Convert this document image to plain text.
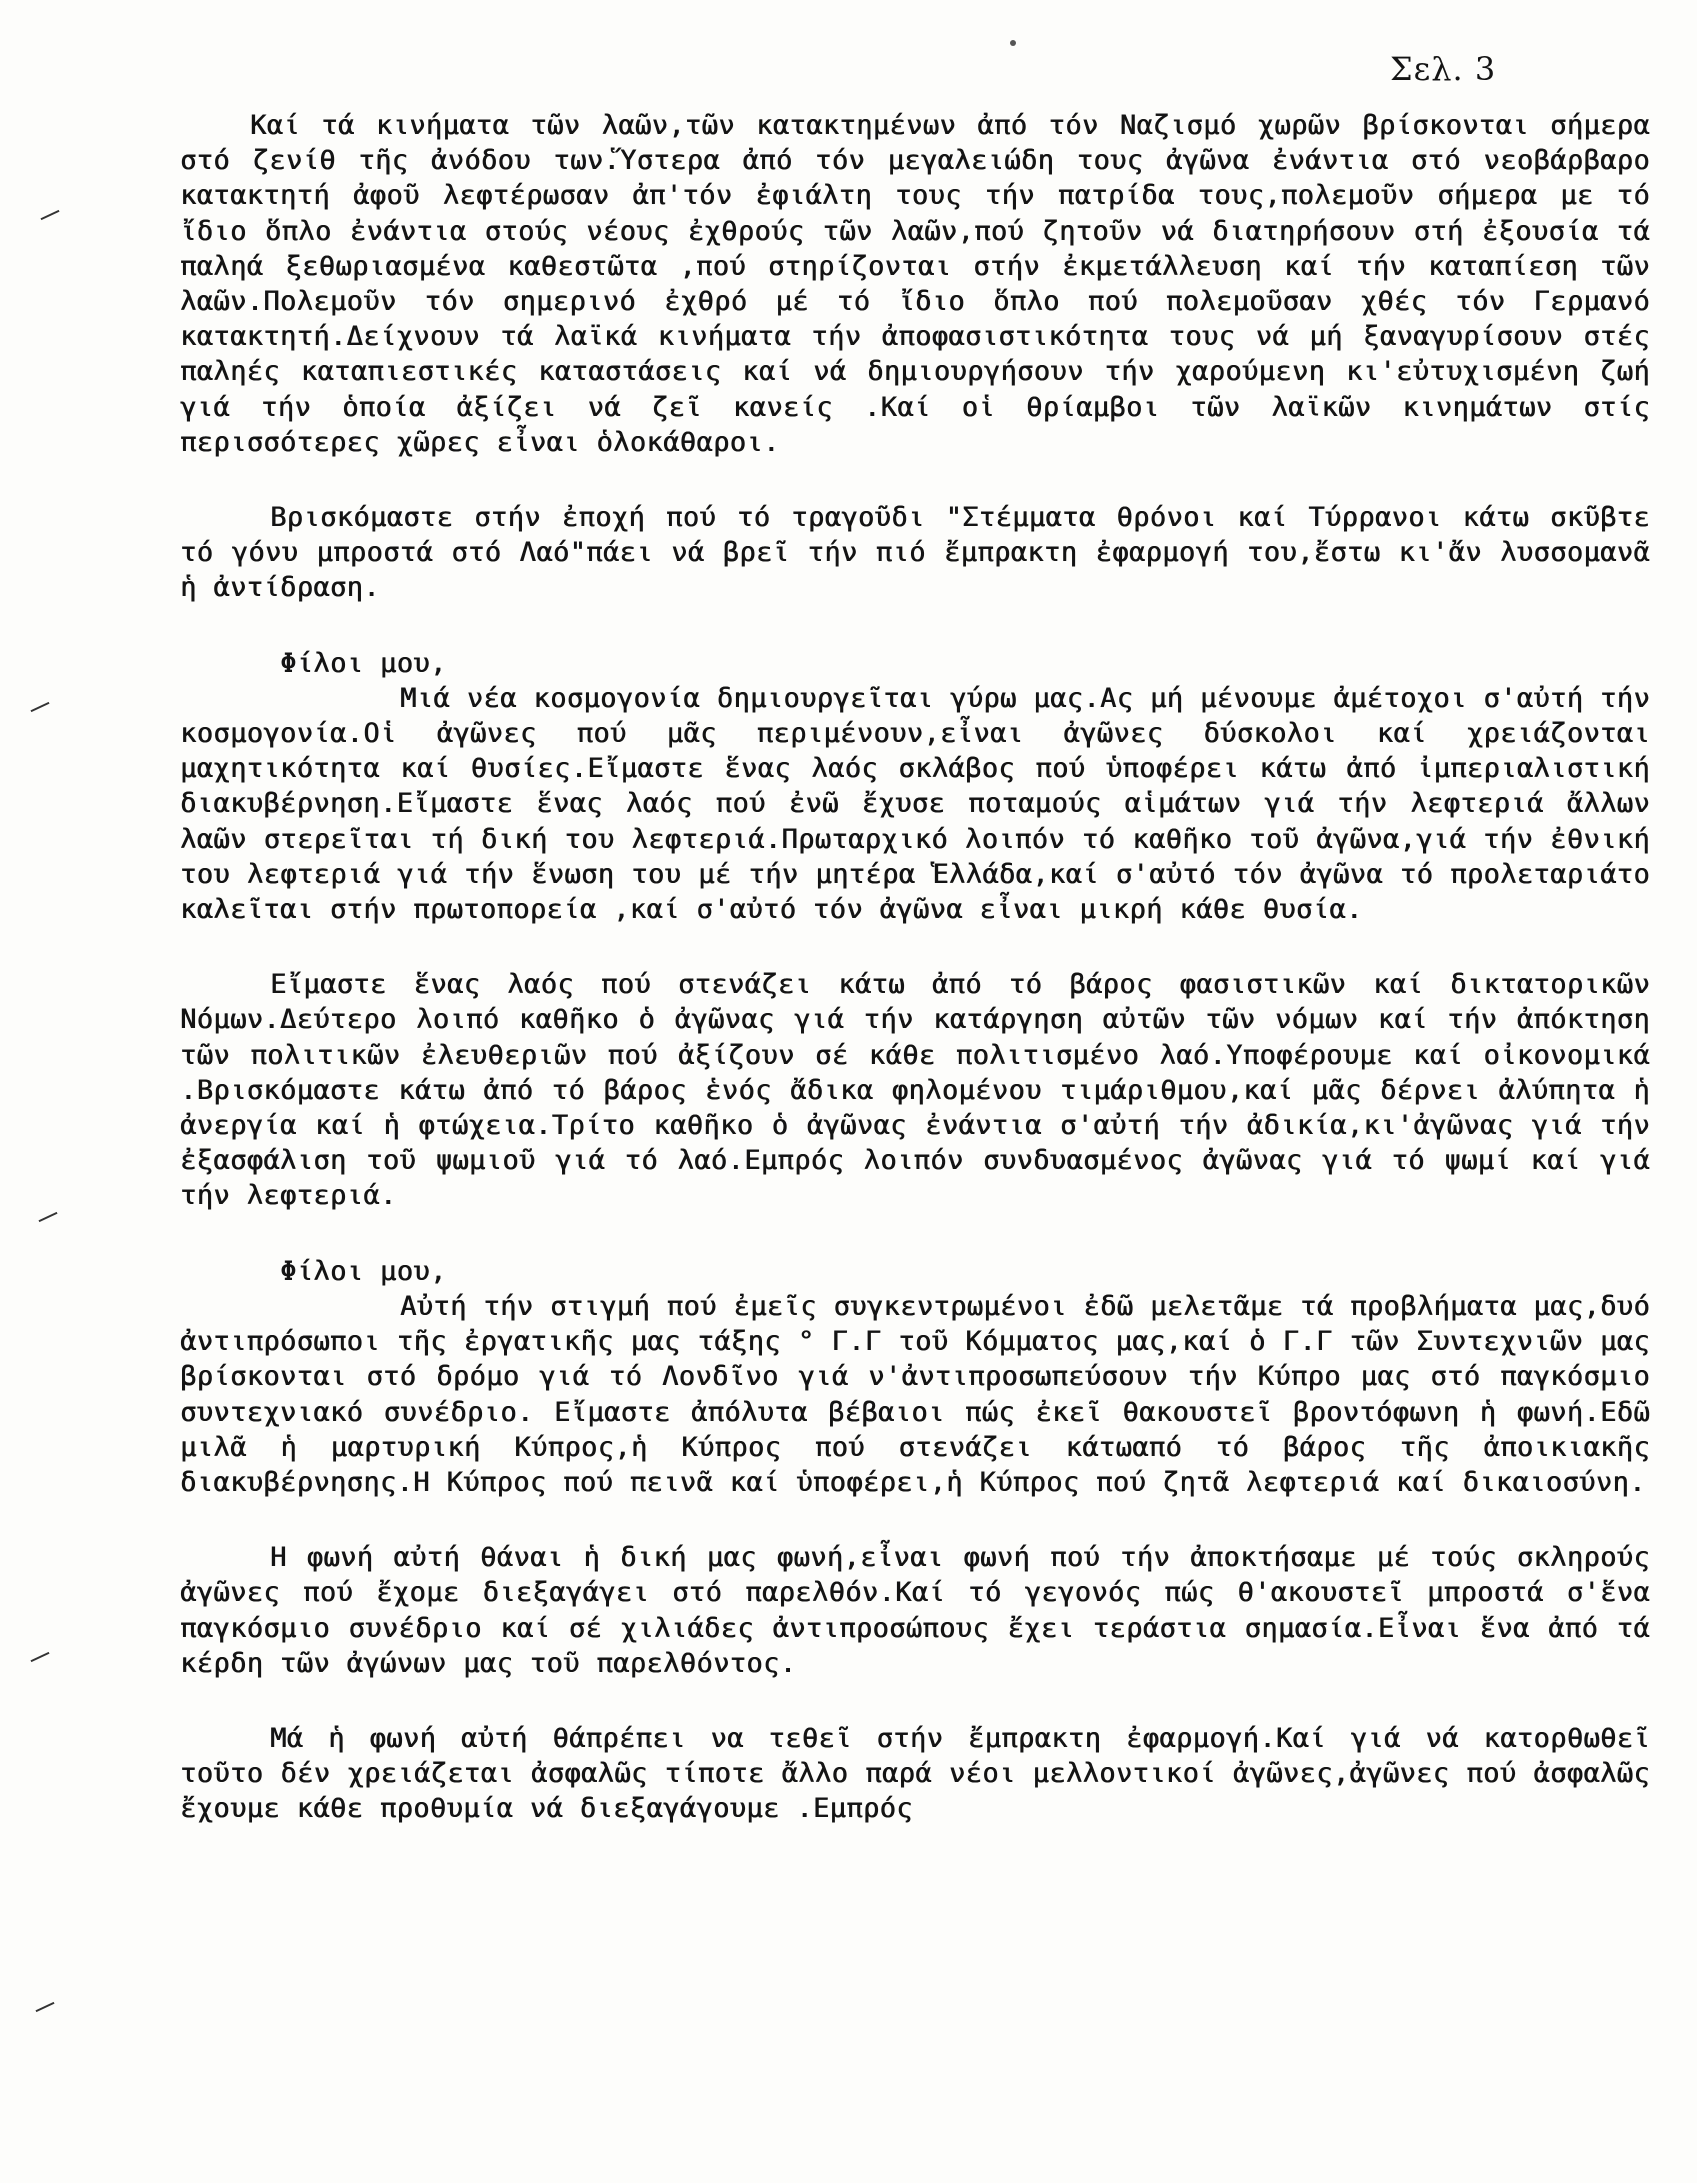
Σελ. 3

Καί τά κινήματα τῶν λαῶν,τῶν κατακτημένων ἀπό τόν Ναζισμό χωρῶν βρίσκονται σήμερα στό ζενίθ τῆς ἀνόδου των.Ὕστερα ἀπό τόν μεγαλειώδη τους ἀγῶνα ἐνάντια στό νεοβάρβαρο κατακτητή ἀφοῦ λεφτέρωσαν ἀπ'τόν ἐφιάλτη τους τήν πατρίδα τους,πολεμοῦν σήμερα με τό ἴδιο ὅπλο ἐνάντια στούς νέους ἐχθρούς τῶν λαῶν,πού ζητοῦν νά διατηρήσουν στή ἐξουσία τά παληά ξεθωριασμένα καθεστῶτα ,πού στηρίζονται στήν ἐκμετάλλευση καί τήν καταπίεση τῶν λαῶν.Πολεμοῦν τόν σημερινό ἐχθρό μέ τό ἴδιο ὅπλο πού πολεμοῦσαν χθές τόν Γερμανό κατακτητή.Δείχνουν τά λαϊκά κινήματα τήν ἀποφασιστικότητα τους νά μή ξαναγυρίσουν στές παληές καταπιεστικές καταστάσεις καί νά δημιουργήσουν τήν χαρούμενη κι'εὐτυχισμένη ζωή γιά τήν ὁποία ἀξίζει νά ζεῖ κανείς .Καί οἱ θρίαμβοι τῶν λαϊκῶν κινημάτων στίς περισσότερες χῶρες εἶναι ὁλοκάθαροι.

Βρισκόμαστε στήν ἐποχή πού τό τραγοῦδι "Στέμματα θρόνοι καί Τύρρανοι κάτω σκῦβτε τό γόνυ μπροστά στό Λαό"πάει νά βρεῖ τήν πιό ἔμπρακτη ἐφαρμογή του,ἔστω κι'ἄν λυσσομανᾶ ἡ ἀντίδραση.

Φίλοι μου,

Μιά νέα κοσμογονία δημιουργεῖται γύρω μας.Ας μή μένουμε ἀμέτοχοι σ'αὐτή τήν κοσμογονία.Οἱ ἀγῶνες πού μᾶς περιμένουν,εἶναι ἀγῶνες δύσκολοι καί χρειάζονται μαχητικότητα καί θυσίες.Εἴμαστε ἕνας λαός σκλάβος πού ὑποφέρει κάτω ἀπό ἰμπεριαλιστική διακυβέρνηση.Εἴμαστε ἕνας λαός πού ἐνῶ ἔχυσε ποταμούς αἱμάτων γιά τήν λεφτεριά ἄλλων λαῶν στερεῖται τή δική του λεφτεριά.Πρωταρχικό λοιπόν τό καθῆκο τοῦ ἀγῶνα,γιά τήν ἐθνική του λεφτεριά γιά τήν ἕνωση του μέ τήν μητέρα Ἑλλάδα,καί σ'αὐτό τόν ἀγῶνα τό προλεταριάτο καλεῖται στήν πρωτοπορεία ,καί σ'αὐτό τόν ἀγῶνα εἶναι μικρή κάθε θυσία.

Εἴμαστε ἕνας λαός πού στενάζει κάτω ἀπό τό βάρος φασιστικῶν καί δικτατορικῶν Νόμων.Δεύτερο λοιπό καθῆκο ὁ ἀγῶνας γιά τήν κατάργηση αὐτῶν τῶν νόμων καί τήν ἀπόκτηση τῶν πολιτικῶν ἐλευθεριῶν πού ἀξίζουν σέ κάθε πολιτισμένο λαό.Υποφέρουμε καί οἰκονομικά .Βρισκόμαστε κάτω ἀπό τό βάρος ἑνός ἄδικα φηλομένου τιμάριθμου,καί μᾶς δέρνει ἀλύπητα ἡ ἀνεργία καί ἡ φτώχεια.Τρίτο καθῆκο ὁ ἀγῶνας ἐνάντια σ'αὐτή τήν ἀδικία,κι'ἀγῶνας γιά τήν ἐξασφάλιση τοῦ ψωμιοῦ γιά τό λαό.Εμπρός λοιπόν συνδυασμένος ἀγῶνας γιά τό ψωμί καί γιά τήν λεφτεριά.

Φίλοι μου,

Αὐτή τήν στιγμή πού ἐμεῖς συγκεντρωμένοι ἐδῶ μελετᾶμε τά προβλήματα μας,δυό ἀντιπρόσωποι τῆς ἐργατικῆς μας τάξης ° Γ.Γ τοῦ Κόμματος μας,καί ὁ Γ.Γ τῶν Συντεχνιῶν μας βρίσκονται στό δρόμο γιά τό Λονδῖνο γιά ν'ἀντιπροσωπεύσουν τήν Κύπρο μας στό παγκόσμιο συντεχνιακό συνέδριο. Εἴμαστε ἀπόλυτα βέβαιοι πώς ἐκεῖ θακουστεῖ βροντόφωνη ἡ φωνή.Εδῶ μιλᾶ ἡ μαρτυρική Κύπρος,ἡ Κύπρος πού στενάζει κάτωαπό τό βάρος τῆς ἀποικιακῆς διακυβέρνησης.Η Κύπρος πού πεινᾶ καί ὑποφέρει,ἡ Κύπρος πού ζητᾶ λεφτεριά καί δικαιοσύνη.

Η φωνή αὐτή θάναι ἡ δική μας φωνή,εἶναι φωνή πού τήν ἀποκτήσαμε μέ τούς σκληρούς ἀγῶνες πού ἔχομε διεξαγάγει στό παρελθόν.Καί τό γεγονός πώς θ'ακουστεῖ μπροστά σ'ἕνα παγκόσμιο συνέδριο καί σέ χιλιάδες ἀντιπροσώπους ἔχει τεράστια σημασία.Εἶναι ἕνα ἀπό τά κέρδη τῶν ἀγώνων μας τοῦ παρελθόντος.

Μά ἡ φωνή αὐτή θάπρέπει να τεθεῖ στήν ἔμπρακτη ἐφαρμογή.Καί γιά νά κατορθωθεῖ τοῦτο δέν χρειάζεται ἀσφαλῶς τίποτε ἄλλο παρά νέοι μελλοντικοί ἀγῶνες,ἀγῶνες πού ἀσφαλῶς ἔχουμε κάθε προθυμία νά διεξαγάγουμε .Εμπρός
